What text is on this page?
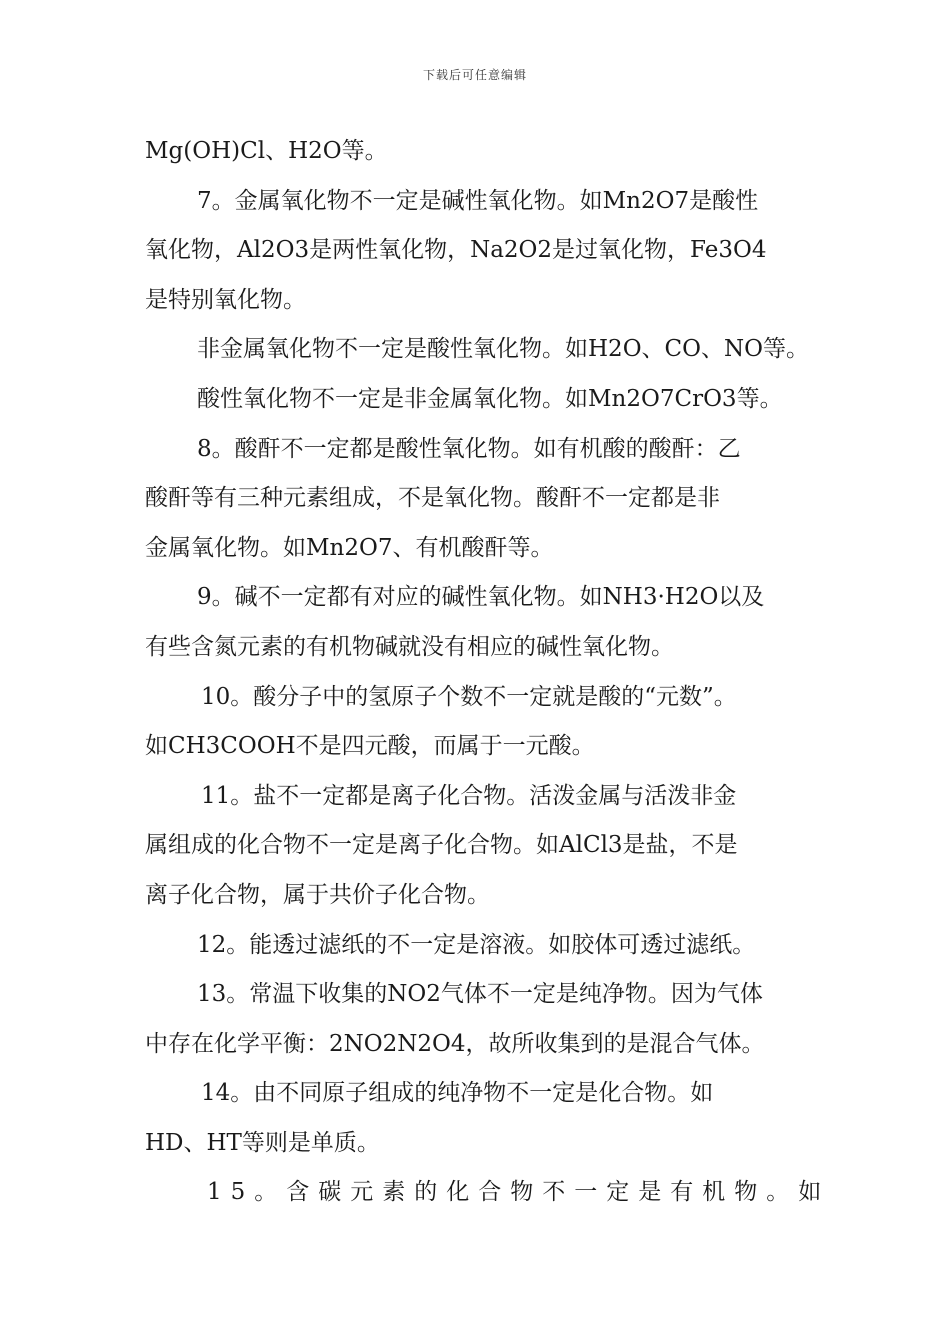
下载后可任意编辑
Mg(OH)Cl、H2O等。
7。金属氧化物不一定是碱性氧化物。如Mn2O7是酸性
氧化物，Al2O3是两性氧化物，Na2O2是过氧化物，Fe3O4
是特别氧化物。
非金属氧化物不一定是酸性氧化物。如H2O、CO、NO等。
酸性氧化物不一定是非金属氧化物。如Mn2O7CrO3等。
8。酸酐不一定都是酸性氧化物。如有机酸的酸酐：乙
酸酐等有三种元素组成，不是氧化物。酸酐不一定都是非
金属氧化物。如Mn2O7、有机酸酐等。
9。碱不一定都有对应的碱性氧化物。如NH3·H2O以及
有些含氮元素的有机物碱就没有相应的碱性氧化物。
10。酸分子中的氢原子个数不一定就是酸的“元数”。
如CH3COOH不是四元酸，而属于一元酸。
11。盐不一定都是离子化合物。活泼金属与活泼非金
属组成的化合物不一定是离子化合物。如AlCl3是盐，不是
离子化合物，属于共价子化合物。
12。能透过滤纸的不一定是溶液。如胶体可透过滤纸。
13。常温下收集的NO2气体不一定是纯净物。因为气体
中存在化学平衡：2NO2N2O4，故所收集到的是混合气体。
14。由不同原子组成的纯净物不一定是化合物。如
HD、HT等则是单质。
15。含碳元素的化合物不一定是有机物。如
